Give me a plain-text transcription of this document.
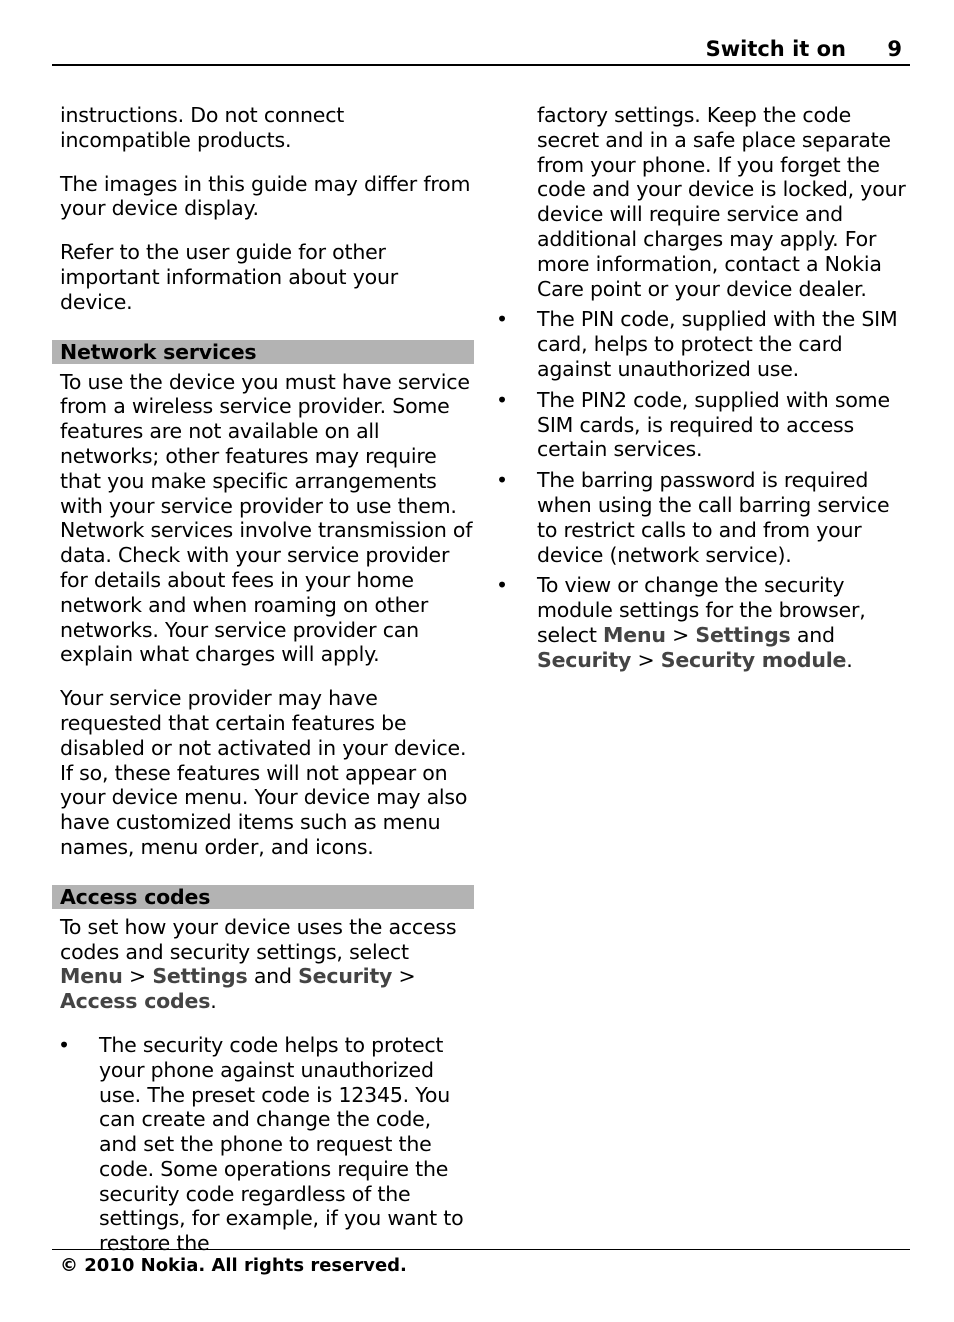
Switch it on 9

instructions. Do not connect incompatible products.

The images in this guide may differ from your device display.

Refer to the user guide for other important information about your device.

Network services

To use the device you must have service from a wireless service provider. Some features are not available on all networks; other features may require that you make specific arrangements with your service provider to use them. Network services involve transmission of data. Check with your service provider for details about fees in your home network and when roaming on other networks. Your service provider can explain what charges will apply.

Your service provider may have requested that certain features be disabled or not activated in your device. If so, these features will not appear on your device menu. Your device may also have customized items such as menu names, menu order, and icons.

Access codes

To set how your device uses the access codes and security settings, select Menu > Settings and Security > Access codes.

• The security code helps to protect your phone against unauthorized use. The preset code is 12345. You can create and change the code, and set the phone to request the code. Some operations require the security code regardless of the settings, for example, if you want to restore the

factory settings. Keep the code secret and in a safe place separate from your phone. If you forget the code and your device is locked, your device will require service and additional charges may apply. For more information, contact a Nokia Care point or your device dealer.

• The PIN code, supplied with the SIM card, helps to protect the card against unauthorized use.
• The PIN2 code, supplied with some SIM cards, is required to access certain services.
• The barring password is required when using the call barring service to restrict calls to and from your device (network service).
• To view or change the security module settings for the browser, select Menu > Settings and Security > Security module.
© 2010 Nokia. All rights reserved.
